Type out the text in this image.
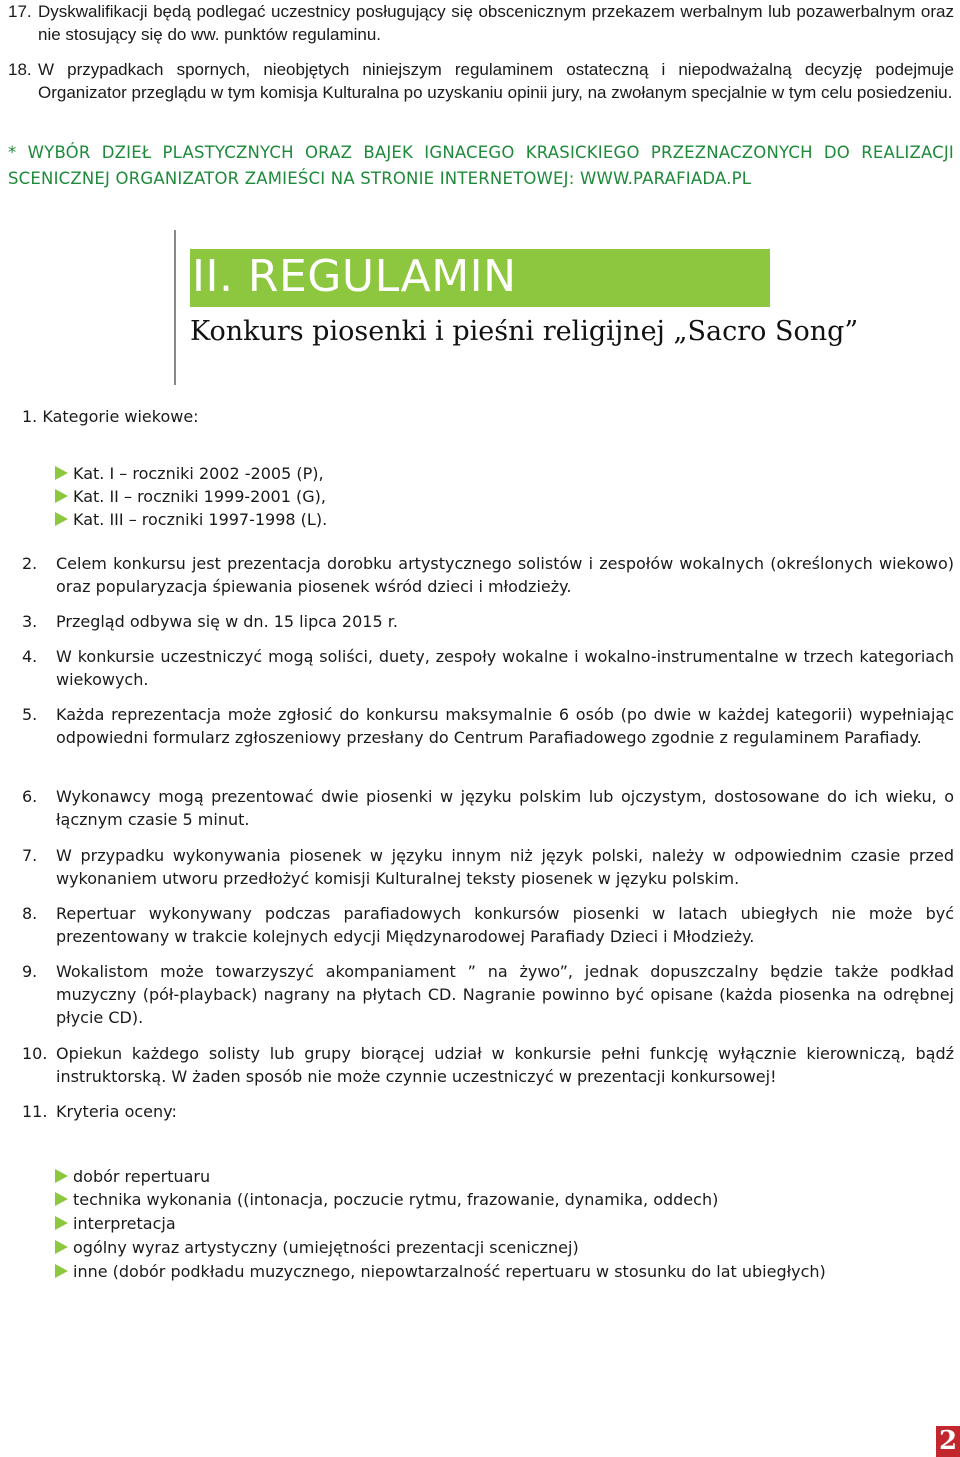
17. Dyskwalifikacji będą podlegać uczestnicy posługujący się obscenicznym przekazem werbalnym lub pozawerbalnym oraz nie stosujący się do ww. punktów regulaminu.
18. W przypadkach spornych, nieobjętych niniejszym regulaminem ostateczną i niepodważalną decyzję podejmuje Organizator przeglądu w tym komisja Kulturalna po uzyskaniu opinii jury, na zwołanym specjalnie w tym celu posiedzeniu.
* WYBÓR DZIEŁ PLASTYCZNYCH ORAZ BAJEK IGNACEGO KRASICKIEGO PRZEZNACZONYCH DO REALIZACJI SCENICZNEJ ORGANIZATOR ZAMIEŚCI NA STRONIE INTERNETOWEJ: WWW.PARAFIADA.PL
II. REGULAMIN
Konkurs piosenki i pieśni religijnej „Sacro Song”
1. Kategorie wiekowe:
Kat. I – roczniki 2002 -2005 (P),
Kat. II – roczniki 1999-2001 (G),
Kat. III – roczniki 1997-1998 (L).
2. Celem konkursu jest prezentacja dorobku artystycznego solistów i zespołów wokalnych (określonych wiekowo) oraz popularyzacja śpiewania piosenek wśród dzieci i młodzieży.
3. Przegląd odbywa się w dn. 15 lipca 2015 r.
4. W konkursie uczestniczyć mogą soliści, duety, zespoły wokalne i wokalno-instrumentalne w trzech kategoriach wiekowych.
5. Każda reprezentacja może zgłosić do konkursu maksymalnie 6 osób (po dwie w każdej kategorii) wypełniając odpowiedni formularz zgłoszeniowy przesłany do Centrum Parafiadowego zgodnie z regulaminem Parafiady.
6. Wykonawcy mogą prezentować dwie piosenki w języku polskim lub ojczystym, dostosowane do ich wieku, o łącznym czasie 5 minut.
7. W przypadku wykonywania piosenek w języku innym niż język polski, należy w odpowiednim czasie przed wykonaniem utworu przedłożyć komisji Kulturalnej teksty piosenek w języku polskim.
8. Repertuar wykonywany podczas parafiadowych konkursów piosenki w latach ubiegłych nie może być prezentowany w trakcie kolejnych edycji Międzynarodowej Parafiady Dzieci i Młodzieży.
9. Wokalistom może towarzyszyć akompaniament ” na żywo”, jednak dopuszczalny będzie także podkład muzyczny (pół-playback) nagrany na płytach CD. Nagranie powinno być opisane (każda piosenka na odrębnej płycie CD).
10. Opiekun każdego solisty lub grupy biorącej udział w konkursie pełni funkcję wyłącznie kierowniczą, bądź instruktorską. W żaden sposób nie może czynnie uczestniczyć w prezentacji konkursowej!
11. Kryteria oceny:
dobór repertuaru
technika wykonania ((intonacja, poczucie rytmu, frazowanie, dynamika, oddech)
interpretacja
ogólny wyraz artystyczny (umiejętności prezentacji scenicznej)
inne (dobór podkładu muzycznego, niepowtarzalność repertuaru w stosunku do lat ubiegłych)
2
